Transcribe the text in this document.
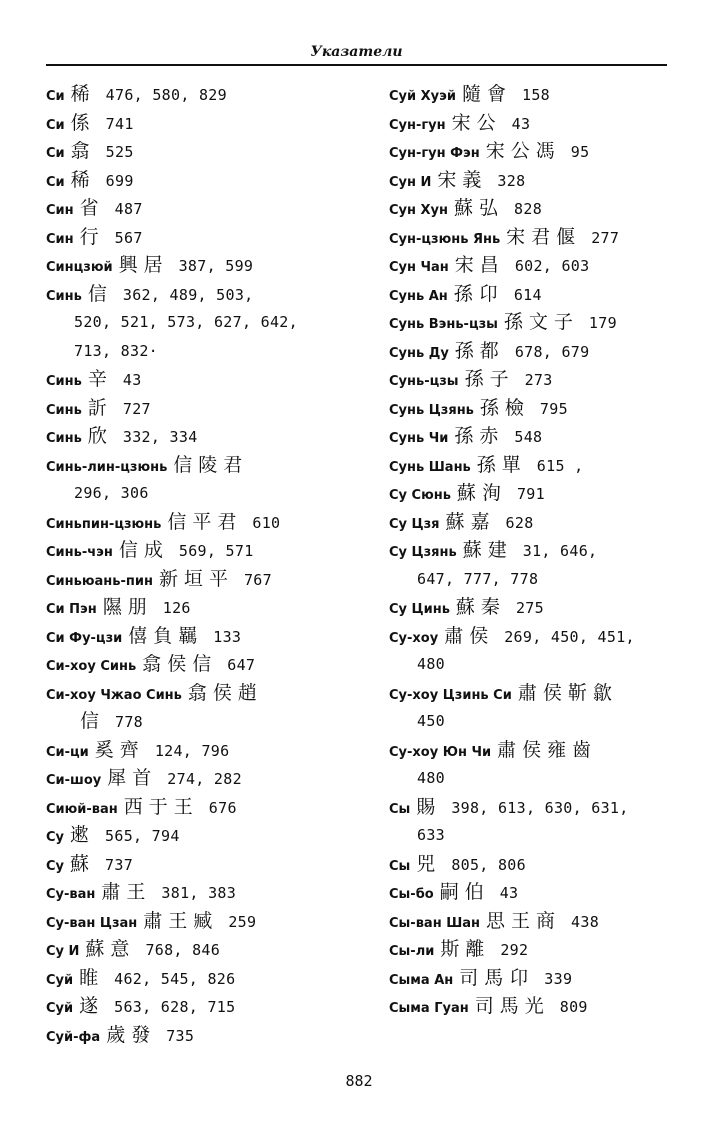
Указатели
Си 稀 476, 580, 829
Си 係 741
Си 翕 525
Си 稀 699
Син 省 487
Син 行 567
Синцзюй 興居 387, 599
Синь 信 362, 489, 503,
520, 521, 573, 627, 642,
713, 832·
Синь 辛 43
Синь 訢 727
Синь 欣 332, 334
Синь-лин-цзюнь 信陵君
296, 306
Синьпин-цзюнь 信平君 610
Синь-чэн 信成 569, 571
Синьюань-пин 新垣平 767
Си Пэн 隰朋 126
Си Фу-цзи 僖負羈 133
Си-хоу Синь 翕侯信 647
Си-хоу Чжао Синь 翕侯趙
信 778
Си-ци 奚齊 124, 796
Си-шоу 犀首 274, 282
Сиюй-ван 西于王 676
Су 遬 565, 794
Су 蘇 737
Су-ван 肅王 381, 383
Су-ван Цзан 肅王臧 259
Су И 蘇意 768, 846
Суй 睢 462, 545, 826
Суй 遂 563, 628, 715
Суй-фа 歲發 735
Суй Хуэй 隨會 158
Сун-гун 宋公 43
Сун-гун Фэн 宋公馮 95
Сун И 宋義 328
Сун Хун 蘇弘 828
Сун-цзюнь Янь 宋君偃 277
Сун Чан 宋昌 602, 603
Сунь Ан 孫卬 614
Сунь Вэнь-цзы 孫文子 179
Сунь Ду 孫都 678, 679
Сунь-цзы 孫子 273
Сунь Цзянь 孫檢 795
Сунь Чи 孫赤 548
Сунь Шань 孫單 615 ,
Су Сюнь 蘇洵 791
Су Цзя 蘇嘉 628
Су Цзянь 蘇建 31, 646,
647, 777, 778
Су Цинь 蘇秦 275
Су-хоу 肅侯 269, 450, 451,
480
Су-хоу Цзинь Си 肅侯靳歙
450
Су-хоу Юн Чи 肅侯雍齒
480
Сы 賜 398, 613, 630, 631,
633
Сы 兕 805, 806
Сы-бо 嗣伯 43
Сы-ван Шан 思王商 438
Сы-ли 斯離 292
Сыма Ан 司馬卬 339
Сыма Гуан 司馬光 809
882
